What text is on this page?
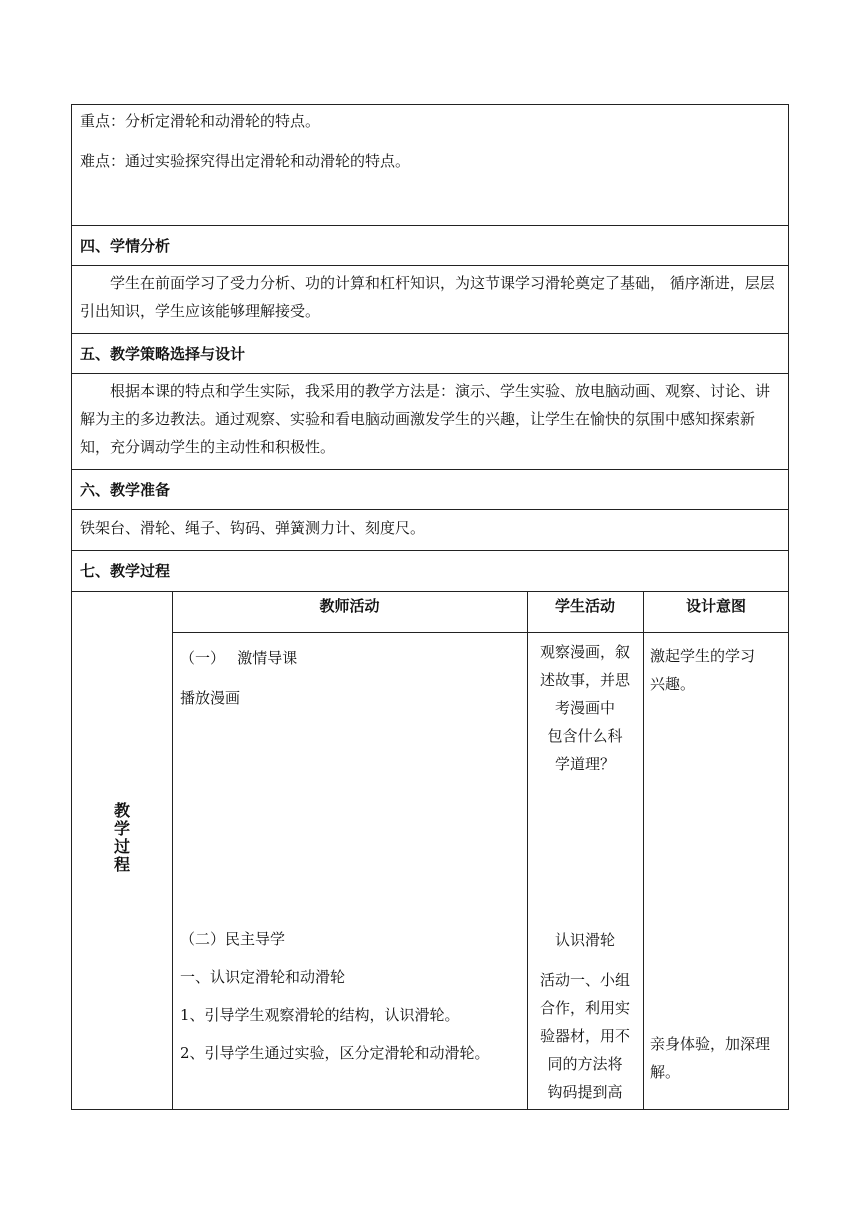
重点：分析定滑轮和动滑轮的特点。

难点：通过实验探究得出定滑轮和动滑轮的特点。

四、学情分析

学生在前面学习了受力分析、功的计算和杠杆知识，为这节课学习滑轮奠定了基础， 循序渐进，层层引出知识，学生应该能够理解接受。

五、教学策略选择与设计

根据本课的特点和学生实际，我采用的教学方法是：演示、学生实验、放电脑动画、观察、讨论、讲解为主的多边教法。通过观察、实验和看电脑动画激发学生的兴趣，让学生在愉快的氛围中感知探索新知，充分调动学生的主动性和积极性。

六、教学准备

铁架台、滑轮、绳子、钩码、弹簧测力计、刻度尺。

七、教学过程
教
学
过
程
教师活动	学生活动	设计意图

（一）　 激情导课

播放漫画

（二）民主导学

一、认识定滑轮和动滑轮

1、引导学生观察滑轮的结构，认识滑轮。

2、引导学生通过实验，区分定滑轮和动滑轮。

观察漫画，叙

述故事，并思

考漫画中

包含什么科

学道理？

认识滑轮

活动一、小组

合作，利用实

验器材，用不

同的方法将

钩码提到高

激起学生的学习

兴趣。

亲身体验，加深理

解。
